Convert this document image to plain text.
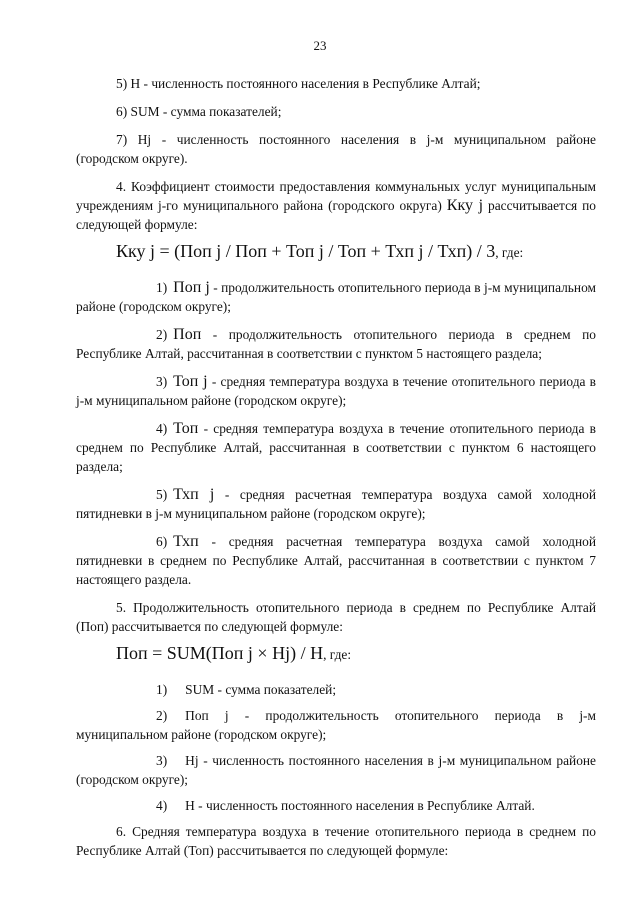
23

5) Н - численность постоянного населения в Республике Алтай;

6) SUM - сумма показателей;

7) Нj - численность постоянного населения в j-м муниципальном районе (городском округе).

4. Коэффициент стоимости предоставления коммунальных услуг муниципальным учреждениям j-го муниципального района (городского округа) Кку j рассчитывается по следующей формуле:

Кку j = (Поп j / Поп + Топ j / Топ + Тхп j / Тхп) / 3, где:

1) Поп j - продолжительность отопительного периода в j-м муниципальном районе (городском округе);

2) Поп - продолжительность отопительного периода в среднем по Республике Алтай, рассчитанная в соответствии с пунктом 5 настоящего раздела;

3) Топ j - средняя температура воздуха в течение отопительного периода в j-м муниципальном районе (городском округе);

4) Топ - средняя температура воздуха в течение отопительного периода в среднем по Республике Алтай, рассчитанная в соответствии с пунктом 6 настоящего раздела;

5) Тхп j - средняя расчетная температура воздуха самой холодной пятидневки в j-м муниципальном районе (городском округе);

6) Тхп - средняя расчетная температура воздуха самой холодной пятидневки в среднем по Республике Алтай, рассчитанная в соответствии с пунктом 7 настоящего раздела.

5. Продолжительность отопительного периода в среднем по Республике Алтай (Поп) рассчитывается по следующей формуле:

Поп = SUM(Поп j × Нj) / Н, где:

1) SUM - сумма показателей;

2) Поп j - продолжительность отопительного периода в j-м муниципальном районе (городском округе);

3) Нj - численность постоянного населения в j-м муниципальном районе (городском округе);

4) Н - численность постоянного населения в Республике Алтай.

6. Средняя температура воздуха в течение отопительного периода в среднем по Республике Алтай (Топ) рассчитывается по следующей формуле:
